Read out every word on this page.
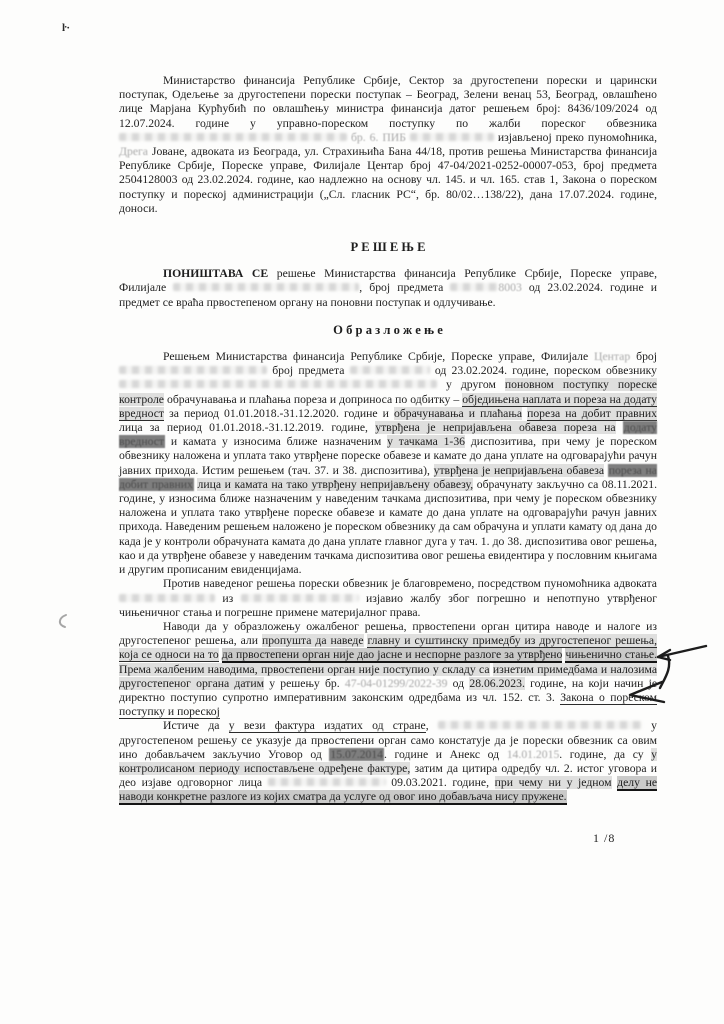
ŀ·

Министарство финансија Републике Србије, Сектор за другостепени порески и царински поступак, Одељење за другостепени порески поступак – Београд, Зелени венац 53, Београд, овлашћено лице Марјана Курћубић по овлашћењу министра финансија датог решењем број: 8436/109/2024 од 12.07.2024. године у управно-пореском поступку по жалби пореског обвезника  бр. 6. ПИБ	изјављеној преко пуномоћника, Дрега Јоване, адвоката из Београда, ул. Страхињића Бана 44/18, против решења Министарства финансија Републике Србије, Пореске управе, Филијале Центар број 47-04/2021-0252-00007-053, број предмета 2504128003 од 23.02.2024. године, као надлежно на основу чл. 145. и чл. 165. став 1, Закона о пореском поступку и пореској администрацији („Сл. гласник РС“, бр. 80/02…138/22), дана 17.07.2024. године, доноси.

Р Е Ш Е Њ Е

ПОНИШТАВА СЕ решење Министарства финансија Републике Србије, Пореске управе, Филијале	, број предмета	8003 од 23.02.2024. године и предмет се враћа првостепеном органу на поновни поступак и одлучивање.

О б р а з л о ж е њ е

Решењем Министарства финансија Републике Србије, Пореске управе, Филијале Центар број  број предмета	од 23.02.2024. године, пореском обвезнику  у другом поновном поступку пореске контроле обрачунавања и плаћања пореза и доприноса по одбитку – обједињена наплата и пореза на додату вредност за период 01.01.2018.-31.12.2020. године и обрачунавања и плаћања пореза на добит правних лица за период 01.01.2018.-31.12.2019. године, утврђена је непријављена обавеза пореза на додату вредност и камата у износима ближе назначеним у тачкама 1-36 диспозитива, при чему је пореском обвезнику наложена и уплата тако утврђене пореске обавезе и камате до дана уплате на одговарајући рачун јавних прихода. Истим решењем (тач. 37. и 38. диспозитива), утврђена је непријављена обавеза пореза на добит правних лица и камата на тако утврђену непријављену обавезу, обрачунату закључно са 08.11.2021. године, у износима ближе назначеним у наведеним тачкама диспозитива, при чему је пореском обвезнику наложена и уплата тако утврђене пореске обавезе и камате до дана уплате на одговарајући рачун јавних прихода. Наведеним решењем наложено је пореском обвезнику да сам обрачуна и уплати камату од дана до када је у контроли обрачуната камата до дана уплате главног дуга у тач. 1. до 38. диспозитива овог решења, као и да утврђене обавезе у наведеним тачкама диспозитива овог решења евидентира у пословним књигама и другим прописаним евиденцијама.

Против наведеног решења порески обвезник је благовремено, посредством пуномоћника адвоката  из	изјавио жалбу због погрешно и непотпуно утврђеног чињеничног стања и погрешне примене материјалног права.

Наводи да у образложењу ожалбеног решења, првостепени орган цитира наводе и налоге из другостепеног решења, али пропушта да наведе главну и суштинску примедбу из другостепеног решења, која се односи на то да првостепени орган није дао јасне и неспорне разлоге за утврђено чињенично стање. Према жалбеним наводима, првостепени орган није поступио у складу са изнетим примедбама и налозима другостепеног органа датим у решењу бр. 47-04-01299/2022-39 од 28.06.2023. године, на који начин је директно поступио супротно императивним законским одредбама из чл. 152. ст. 3. Закона о пореском поступку и пореској

Истиче да у вези фактура издатих од стране,	у другостепеном решењу се указује да првостепени орган само констатује да је порески обвезник са овим ино добављачем закључио Уговор од 15.07.2014. године и Анекс од 14.01.2015. године, да су у контролисаном периоду испостављене одређене фактуре, затим да цитира одредбу чл. 2. истог уговора и део изјаве одговорног лица	09.03.2021. године, при чему ни у једном делу не наводи конкретне разлоге из којих сматра да услуге од овог ино добављача нису пружене.

1 /8
